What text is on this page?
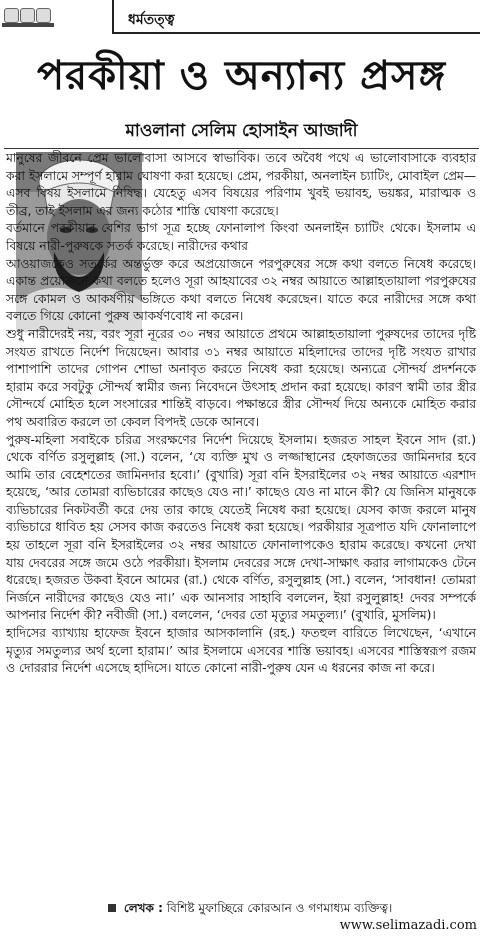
ধর্মতত্ত্ব
পরকীয়া ও অন্যান্য প্রসঙ্গ
মাওলানা সেলিম হোসাইন আজাদী

মানুষের জীবনে প্রেম ভালোবাসা আসবে স্বাভাবিক। তবে অবৈধ পথে এ ভালোবাসাকে ব্যবহার করা ইসলামে সম্পূর্ণ হারাম ঘোষণা করা হয়েছে। প্রেম, পরকীয়া, অনলাইন চ্যাটিং, মোবাইল প্রেম— এসব বিষয় ইসলামে নিষিদ্ধ। যেহেতু এসব বিষয়ের পরিণাম খুবই ভয়াবহ, ভয়ঙ্কর, মারাত্মক ও তীব্র, তাই ইসলাম এর জন্য কঠোর শাস্তি ঘোষণা করেছে।

বর্তমানে পরকীয়ার বেশির ভাগ সূত্র হচ্ছে ফোনালাপ কিংবা অনলাইন চ্যাটিং থেকে। ইসলাম এ বিষয়ে নারী-পুরুষকে সতর্ক করেছে। নারীদের কথার

আওয়াজকেও সতর্কের অন্তর্ভুক্ত করে অপ্রয়োজনে পরপুরুষের সঙ্গে কথা বলতে নিষেধ করেছে। একান্ত প্রয়োজনে কথা বলতে হলেও সূরা আহযাবের ৩২ নম্বর আয়াতে আল্লাহতায়ালা পরপুরুষের সঙ্গে কোমল ও আকর্ষণীয় ভঙ্গিতে কথা বলতে নিষেধ করেছেন। যাতে করে নারীদের সঙ্গে কথা বলতে গিয়ে কোনো পুরুষ আকর্ষণবোধ না করেন।

শুধু নারীদেরই নয়, বরং সূরা নূরের ৩০ নম্বর আয়াতে প্রথমে আল্লাহতায়ালা পুরুষদের তাদের দৃষ্টি সংযত রাখতে নির্দেশ দিয়েছেন। আবার ৩১ নম্বর আয়াতে মহিলাদের তাদের দৃষ্টি সংযত রাখার পাশাপাশি তাদের গোপন শোভা অনাবৃত করতে নিষেধ করা হয়েছে। অন্যত্রে সৌন্দর্য প্রদর্শনকে হারাম করে সবটুকু সৌন্দর্য স্বামীর জন্য নিবেদনে উৎসাহ প্রদান করা হয়েছে। কারণ স্বামী তার স্ত্রীর সৌন্দর্যে মোহিত হলে সংসারের শান্তিই বাড়বে। পক্ষান্তরে স্ত্রীর সৌন্দর্য দিয়ে অন্যকে মোহিত করার পথ অবারিত করলে তা কেবল বিপদই ডেকে আনবে।

পুরুষ-মহিলা সবাইকে চরিত্র সংরক্ষণের নির্দেশ দিয়েছে ইসলাম। হজরত সাহল ইবনে সাদ (রা.) থেকে বর্ণিত রসুলুল্লাহ (সা.) বলেন, ‘যে ব্যক্তি মুখ ও লজ্জাস্থানের হেফাজতের জামিনদার হবে আমি তার বেহেশতের জামিনদার হবো।’ (বুখারি) সূরা বনি ইসরাইলের ৩২ নম্বর আয়াতে এরশাদ হয়েছে, ‘আর তোমরা ব্যভিচারের কাছেও যেও না।’ কাছেও যেও না মানে কী? যে জিনিস মানুষকে ব্যভিচারের নিকটবর্তী করে দেয় তার কাছে যেতেই নিষেধ করা হয়েছে। যেসব কাজ করলে মানুষ ব্যভিচারে ধাবিত হয় সেসব কাজ করতেও নিষেধ করা হয়েছে। পরকীয়ার সূত্রপাত যদি ফোনালাপে হয় তাহলে সূরা বনি ইসরাইলের ৩২ নম্বর আয়াতে ফোনালাপকেও হারাম করেছে। কখনো দেখা যায় দেবরের সঙ্গে জমে ওঠে পরকীয়া। ইসলাম দেবরের সঙ্গে দেখা-সাক্ষাৎ করার লাগামকেও টেনে ধরেছে। হজরত উকবা ইবনে আমের (রা.) থেকে বর্ণিত, রসুলুল্লাহ (সা.) বলেন, ‘সাবধান! তোমরা নির্জনে নারীদের কাছেও যেও না।’ এক আনসার সাহাবি বললেন, ইয়া রসুলুল্লাহ! দেবর সম্পর্কে আপনার নির্দেশ কী? নবীজী (সা.) বললেন, ‘দেবর তো মৃত্যুর সমতুল্য।’ (বুখারি, মুসলিম)।

হাদিসের ব্যাখ্যায় হাফেজ ইবনে হাজার আসকালানি (রহ.) ফতহুল বারিতে লিখেছেন, ‘এখানে মৃত্যুর সমতুল্যর অর্থ হলো হারাম।’ আর ইসলামে এসবের শাস্তি ভয়াবহ। এসবের শাস্তিস্বরূপ রজম ও দোররার নির্দেশ এসেছে হাদিসে। যাতে কোনো নারী-পুরুষ যেন এ ধরনের কাজ না করে।

লেখক : বিশিষ্ট মুফাচ্ছিরে কোরআন ও গণমাধ্যম ব্যক্তিত্ব।
www.selimazadi.com
